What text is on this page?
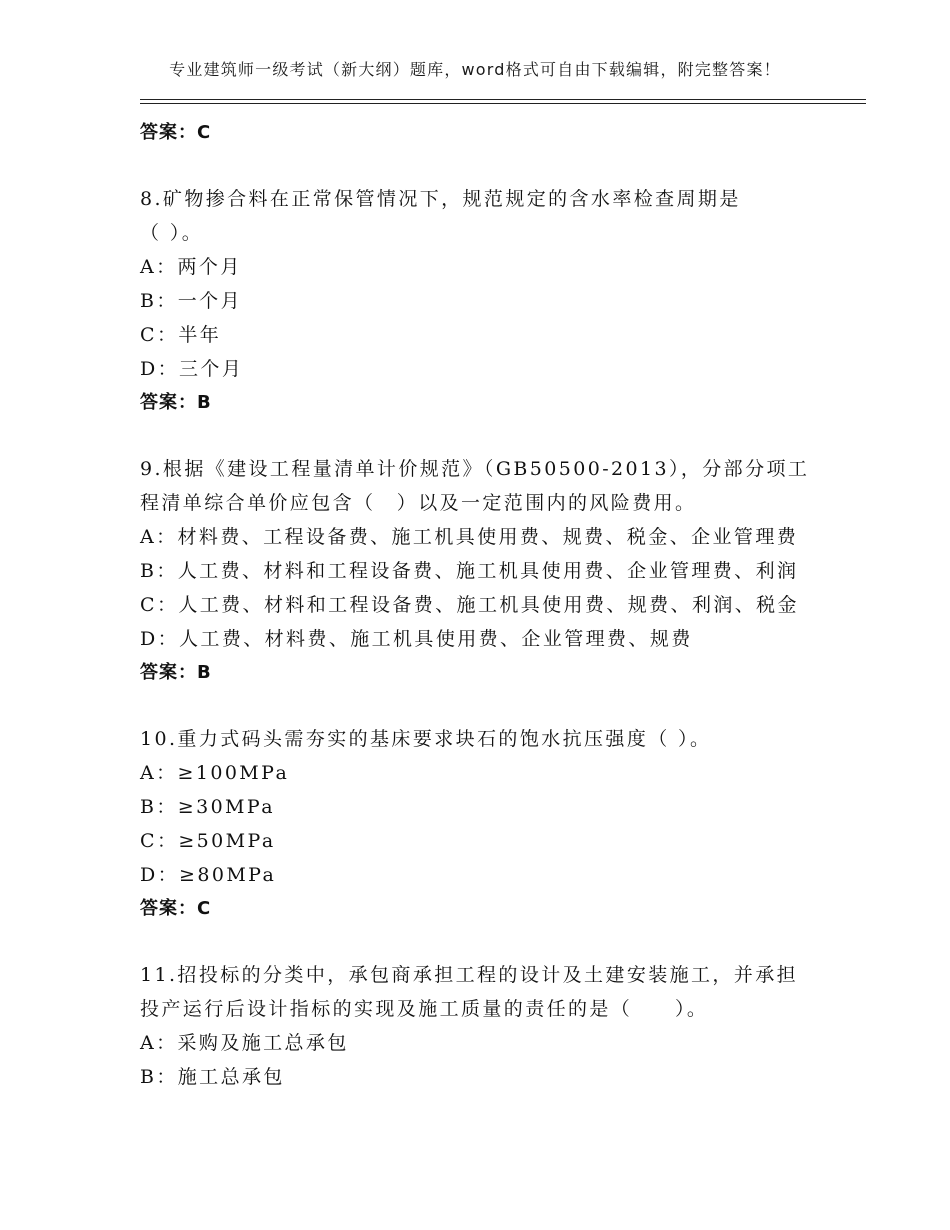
专业建筑师一级考试（新大纲）题库，word格式可自由下载编辑，附完整答案！
答案：C
8.矿物掺合料在正常保管情况下，规范规定的含水率检查周期是
（ ）。
A：两个月
B：一个月
C：半年
D：三个月
答案：B
9.根据《建设工程量清单计价规范》（GB50500-2013），分部分项工
程清单综合单价应包含（　）以及一定范围内的风险费用。
A：材料费、工程设备费、施工机具使用费、规费、税金、企业管理费
B：人工费、材料和工程设备费、施工机具使用费、企业管理费、利润
C：人工费、材料和工程设备费、施工机具使用费、规费、利润、税金
D：人工费、材料费、施工机具使用费、企业管理费、规费
答案：B
10.重力式码头需夯实的基床要求块石的饱水抗压强度（ ）。
A：≥100MPa
B：≥30MPa
C：≥50MPa
D：≥80MPa
答案：C
11.招投标的分类中，承包商承担工程的设计及土建安装施工，并承担
投产运行后设计指标的实现及施工质量的责任的是（　　）。
A：采购及施工总承包
B：施工总承包
